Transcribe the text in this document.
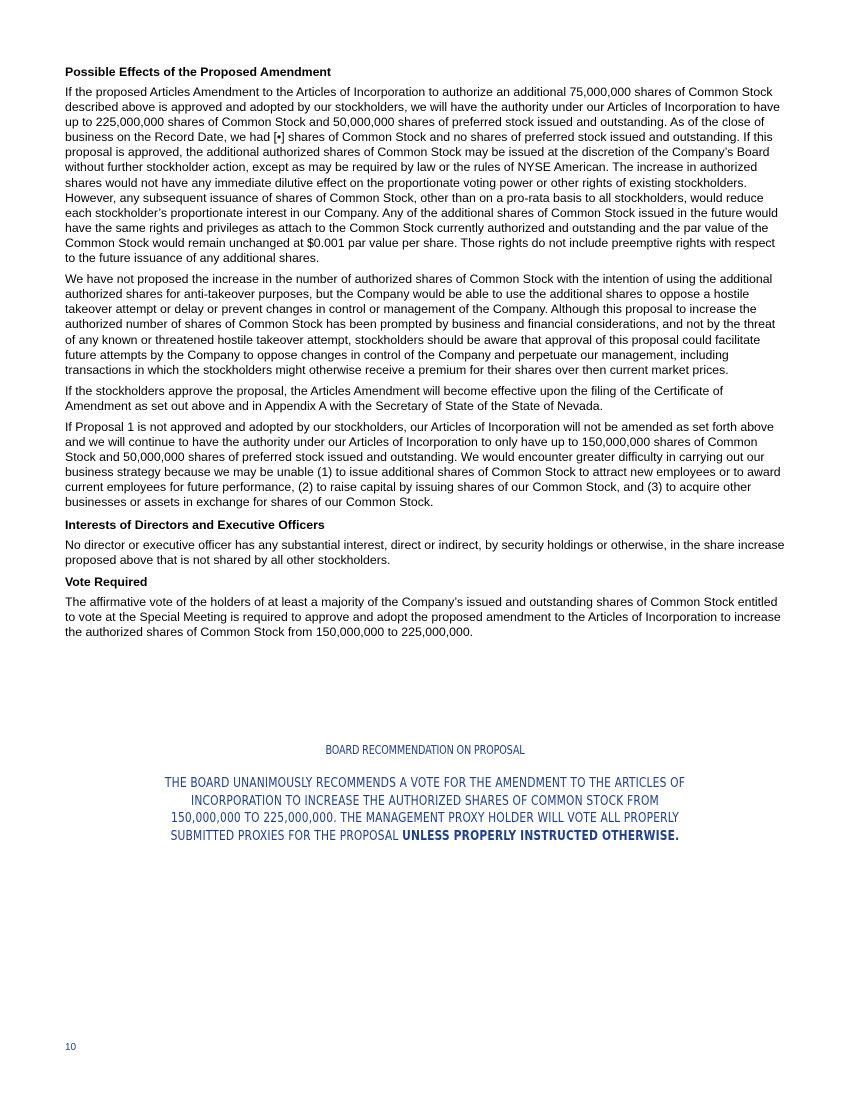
Possible Effects of the Proposed Amendment

If the proposed Articles Amendment to the Articles of Incorporation to authorize an additional 75,000,000 shares of Common Stock described above is approved and adopted by our stockholders, we will have the authority under our Articles of Incorporation to have up to 225,000,000 shares of Common Stock and 50,000,000 shares of preferred stock issued and outstanding. As of the close of business on the Record Date, we had [•] shares of Common Stock and no shares of preferred stock issued and outstanding. If this proposal is approved, the additional authorized shares of Common Stock may be issued at the discretion of the Company’s Board without further stockholder action, except as may be required by law or the rules of NYSE American. The increase in authorized shares would not have any immediate dilutive effect on the proportionate voting power or other rights of existing stockholders. However, any subsequent issuance of shares of Common Stock, other than on a pro-rata basis to all stockholders, would reduce each stockholder’s proportionate interest in our Company. Any of the additional shares of Common Stock issued in the future would have the same rights and privileges as attach to the Common Stock currently authorized and outstanding and the par value of the Common Stock would remain unchanged at $0.001 par value per share. Those rights do not include preemptive rights with respect to the future issuance of any additional shares.

We have not proposed the increase in the number of authorized shares of Common Stock with the intention of using the additional authorized shares for anti-takeover purposes, but the Company would be able to use the additional shares to oppose a hostile takeover attempt or delay or prevent changes in control or management of the Company. Although this proposal to increase the authorized number of shares of Common Stock has been prompted by business and financial considerations, and not by the threat of any known or threatened hostile takeover attempt, stockholders should be aware that approval of this proposal could facilitate future attempts by the Company to oppose changes in control of the Company and perpetuate our management, including transactions in which the stockholders might otherwise receive a premium for their shares over then current market prices.

If the stockholders approve the proposal, the Articles Amendment will become effective upon the filing of the Certificate of Amendment as set out above and in Appendix A with the Secretary of State of the State of Nevada.

If Proposal 1 is not approved and adopted by our stockholders, our Articles of Incorporation will not be amended as set forth above and we will continue to have the authority under our Articles of Incorporation to only have up to 150,000,000 shares of Common Stock and 50,000,000 shares of preferred stock issued and outstanding. We would encounter greater difficulty in carrying out our business strategy because we may be unable (1) to issue additional shares of Common Stock to attract new employees or to award current employees for future performance, (2) to raise capital by issuing shares of our Common Stock, and (3) to acquire other businesses or assets in exchange for shares of our Common Stock.

Interests of Directors and Executive Officers

No director or executive officer has any substantial interest, direct or indirect, by security holdings or otherwise, in the share increase proposed above that is not shared by all other stockholders.

Vote Required

The affirmative vote of the holders of at least a majority of the Company’s issued and outstanding shares of Common Stock entitled to vote at the Special Meeting is required to approve and adopt the proposed amendment to the Articles of Incorporation to increase the authorized shares of Common Stock from 150,000,000 to 225,000,000.

BOARD RECOMMENDATION ON PROPOSAL
THE BOARD UNANIMOUSLY RECOMMENDS A VOTE FOR THE AMENDMENT TO THE ARTICLES OF INCORPORATION TO INCREASE THE AUTHORIZED SHARES OF COMMON STOCK FROM 150,000,000 TO 225,000,000. THE MANAGEMENT PROXY HOLDER WILL VOTE ALL PROPERLY SUBMITTED PROXIES FOR THE PROPOSAL UNLESS PROPERLY INSTRUCTED OTHERWISE.
10
